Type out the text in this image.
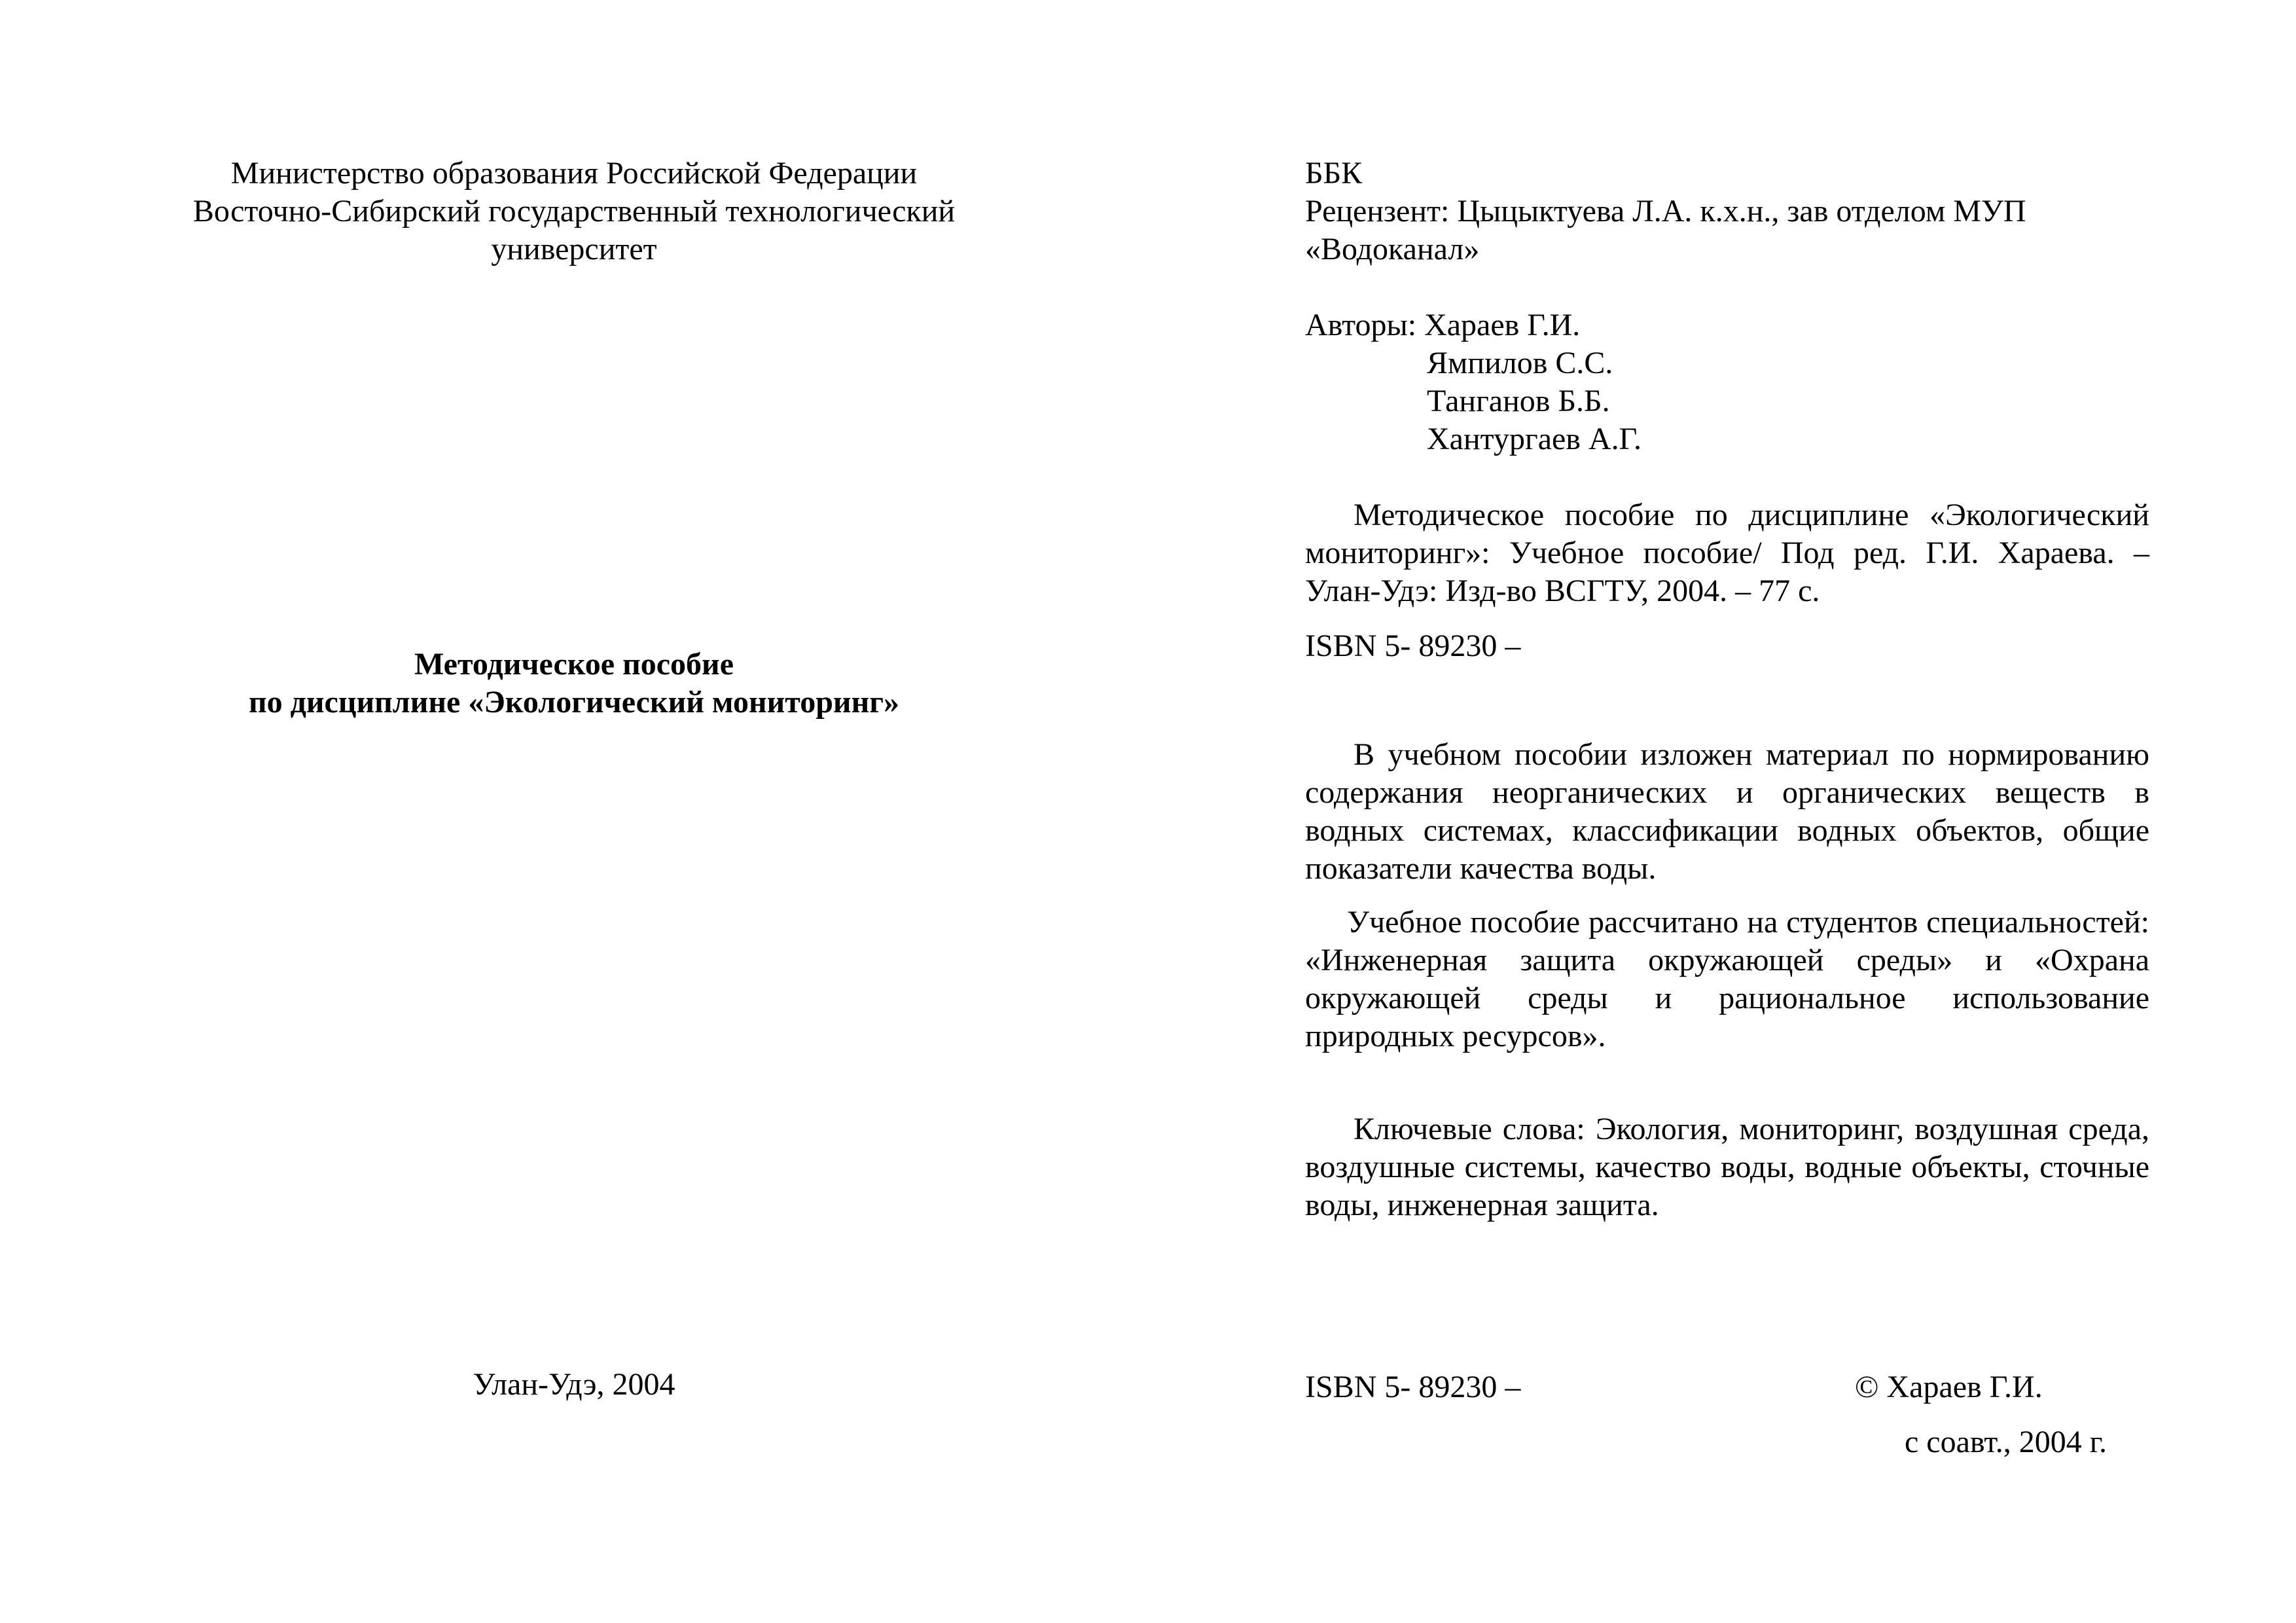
Министерство образования Российской Федерации
Восточно-Сибирский государственный технологический
университет
Методическое пособие
по дисциплине «Экологический мониторинг»
Улан-Удэ, 2004
ББК
Рецензент: Цыцыктуева Л.А. к.х.н., зав отделом МУП
«Водоканал»
Авторы: Хараев Г.И.
Ямпилов С.С.
Танганов Б.Б.
Хантургаев А.Г.

Методическое пособие по дисциплине «Экологический мониторинг»: Учебное пособие/ Под ред. Г.И. Хараева. – Улан-Удэ: Изд-во ВСГТУ, 2004. – 77 с.

ISBN 5- 89230 –

В учебном пособии изложен материал по нормированию содержания неорганических и органических веществ в водных системах, классификации водных объектов, общие показатели качества воды.

Учебное пособие рассчитано на студентов специальностей: «Инженерная защита окружающей среды» и «Охрана окружающей среды и рациональное использование природных ресурсов».

Ключевые слова: Экология, мониторинг, воздушная среда, воздушные системы, качество воды, водные объекты, сточные воды, инженерная защита.

ISBN 5- 89230 –	© Хараев Г.И.
с соавт., 2004 г.
